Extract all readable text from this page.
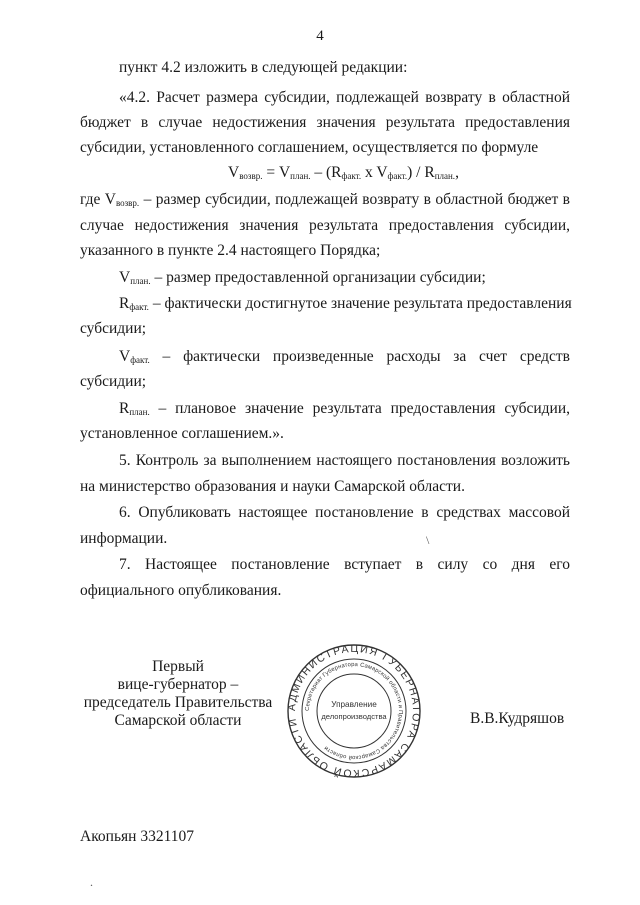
4
пункт 4.2 изложить в следующей редакции:
«4.2. Расчет размера субсидии, подлежащей возврату в областной
бюджет в случае недостижения значения результата предоставления
субсидии, установленного соглашением, осуществляется по формуле
$V_{возвр.} = V_{план.} - (R_{факт.}$ x $V_{факт.}) / R_{план.}$,
где $V_{возвр.}$ – размер субсидии, подлежащей возврату в областной бюджет в
случае недостижения значения результата предоставления субсидии,
указанного в пункте 2.4 настоящего Порядка;
$V_{план.}$ – размер предоставленной организации субсидии;
$R_{факт.}$ – фактически достигнутое значение результата предоставления
субсидии;
$V_{факт.}$ – фактически произведенные расходы за счет средств
субсидии;
$R_{план.}$ – плановое значение результата предоставления субсидии,
установленное соглашением.».
5. Контроль за выполнением настоящего постановления возложить
на министерство образования и науки Самарской области.
6. Опубликовать настоящее постановление в средствах массовой
информации.	\
7. Настоящее постановление вступает в силу со дня его
официального опубликования.
Первый
вице-губернатор –
председатель Правительства
Самарской области
АДМИНИСТРАЦИЯ ГУБЕРНАТОРА САМАРСКОЙ ОБЛАСТИ
Секретариат Губернатора Самарской области и Правительства Самарской области
Управление
делопроизводства	В.В.Кудряшов
Акопьян 3321107
.
